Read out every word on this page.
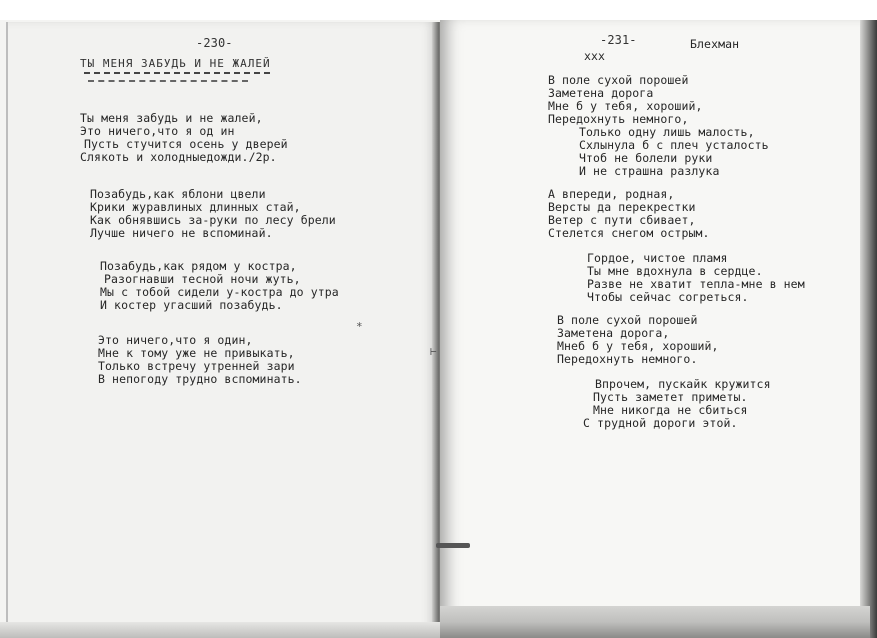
-230-
ТЫ МЕНЯ ЗАБУДЬ И НЕ ЖАЛЕЙ
Ты меня забудь и не жалей,
Это ничего,что я од ин
Пусть стучится осень у дверей
Слякоть и холодныедожди./2р.
Позабудь,как яблони цвели
Крики журавлиных длинных стай,
Как обнявшись за-руки по лесу брели
Лучше ничего не вспоминай.
Позабудь,как рядом у костра,
Разогнавши тесной ночи жуть,
Мы с тобой сидели у-костра до утра
И костер угасший позабудь.
Это ничего,что я один,
Мне к тому уже не привыкать,
Только встречу утренней зари
В непогоду трудно вспоминать.
∗
⊢
-231-	Блехман
ххх
В поле сухой порошей
Заметена дорога
Мне б у тебя, хороший,
Передохнуть немного,
Только одну лишь малость,
Схлынула б с плеч усталость
Чтоб не болели руки
И не страшна разлука
А впереди, родная,
Версты да перекрестки
Ветер с пути сбивает,
Стелется снегом острым.
Гордое, чистое пламя
Ты мне вдохнула в сердце.
Разве не хватит тепла-мне в нем
Чтобы сейчас согреться.
В поле сухой порошей
Заметена дорога,
Мнеб б у тебя, хороший,
Передохнуть немного.
Впрочем, пускайк кружится
Пусть заметет приметы.
Мне никогда не сбиться
С трудной дороги этой.
